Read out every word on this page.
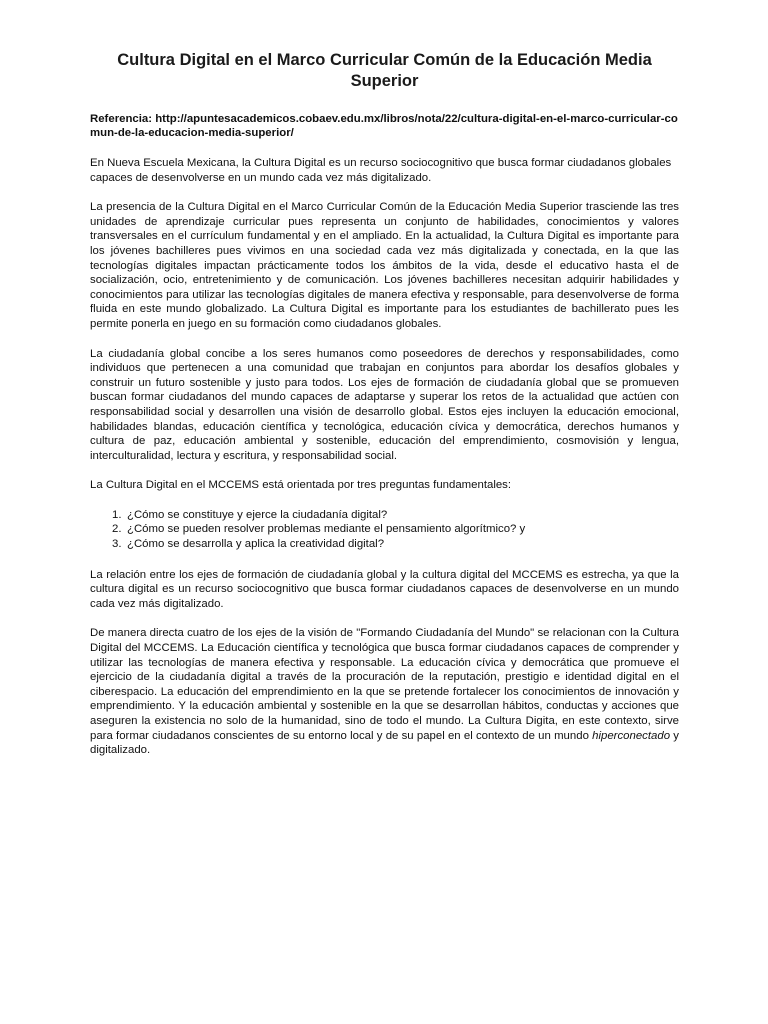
Cultura Digital en el Marco Curricular Común de la Educación Media Superior

Referencia: http://apuntesacademicos.cobaev.edu.mx/libros/nota/22/cultura-digital-en-el-marco-curricular-comun-de-la-educacion-media-superior/

En Nueva Escuela Mexicana, la Cultura Digital es un recurso sociocognitivo que busca formar ciudadanos globales capaces de desenvolverse en un mundo cada vez más digitalizado.

La presencia de la Cultura Digital en el Marco Curricular Común de la Educación Media Superior trasciende las tres unidades de aprendizaje curricular pues representa un conjunto de habilidades, conocimientos y valores transversales en el currículum fundamental y en el ampliado. En la actualidad, la Cultura Digital es importante para los jóvenes bachilleres pues vivimos en una sociedad cada vez más digitalizada y conectada, en la que las tecnologías digitales impactan prácticamente todos los ámbitos de la vida, desde el educativo hasta el de socialización, ocio, entretenimiento y de comunicación. Los jóvenes bachilleres necesitan adquirir habilidades y conocimientos para utilizar las tecnologías digitales de manera efectiva y responsable, para desenvolverse de forma fluida en este mundo globalizado. La Cultura Digital es importante para los estudiantes de bachillerato pues les permite ponerla en juego en su formación como ciudadanos globales.

La ciudadanía global concibe a los seres humanos como poseedores de derechos y responsabilidades, como individuos que pertenecen a una comunidad que trabajan en conjuntos para abordar los desafíos globales y construir un futuro sostenible y justo para todos. Los ejes de formación de ciudadanía global que se promueven buscan formar ciudadanos del mundo capaces de adaptarse y superar los retos de la actualidad que actúen con responsabilidad social y desarrollen una visión de desarrollo global. Estos ejes incluyen la educación emocional, habilidades blandas, educación científica y tecnológica, educación cívica y democrática, derechos humanos y cultura de paz, educación ambiental y sostenible, educación del emprendimiento, cosmovisión y lengua, interculturalidad, lectura y escritura, y responsabilidad social.

La Cultura Digital en el MCCEMS está orientada por tres preguntas fundamentales:

1. ¿Cómo se constituye y ejerce la ciudadanía digital?
2. ¿Cómo se pueden resolver problemas mediante el pensamiento algorítmico? y
3. ¿Cómo se desarrolla y aplica la creatividad digital?

La relación entre los ejes de formación de ciudadanía global y la cultura digital del MCCEMS es estrecha, ya que la cultura digital es un recurso sociocognitivo que busca formar ciudadanos capaces de desenvolverse en un mundo cada vez más digitalizado.

De manera directa cuatro de los ejes de la visión de "Formando Ciudadanía del Mundo" se relacionan con la Cultura Digital del MCCEMS. La Educación científica y tecnológica que busca formar ciudadanos capaces de comprender y utilizar las tecnologías de manera efectiva y responsable. La educación cívica y democrática que promueve el ejercicio de la ciudadanía digital a través de la procuración de la reputación, prestigio e identidad digital en el ciberespacio. La educación del emprendimiento en la que se pretende fortalecer los conocimientos de innovación y emprendimiento. Y la educación ambiental y sostenible en la que se desarrollan hábitos, conductas y acciones que aseguren la existencia no solo de la humanidad, sino de todo el mundo. La Cultura Digita, en este contexto, sirve para formar ciudadanos conscientes de su entorno local y de su papel en el contexto de un mundo hiperconectado y digitalizado.
